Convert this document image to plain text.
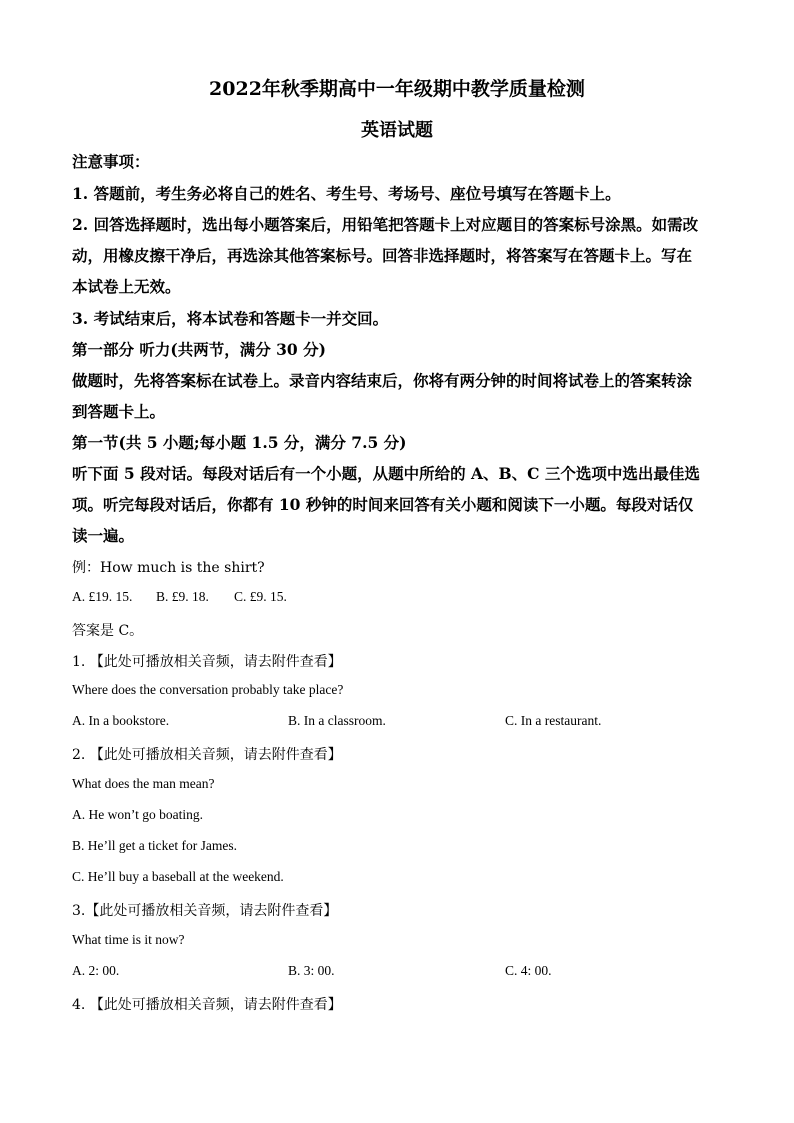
2022年秋季期高中一年级期中教学质量检测
英语试题
注意事项：
1. 答题前，考生务必将自己的姓名、考生号、考场号、座位号填写在答题卡上。
2. 回答选择题时，选出每小题答案后，用铅笔把答题卡上对应题目的答案标号涂黑。如需改
动，用橡皮擦干净后，再选涂其他答案标号。回答非选择题时，将答案写在答题卡上。写在
本试卷上无效。
3. 考试结束后，将本试卷和答题卡一并交回。
第一部分 听力(共两节，满分 30 分)
做题时，先将答案标在试卷上。录音内容结束后，你将有两分钟的时间将试卷上的答案转涂
到答题卡上。
第一节(共 5 小题;每小题 1.5 分，满分 7.5 分)
听下面 5 段对话。每段对话后有一个小题，从题中所给的 A、B、C 三个选项中选出最佳选
项。听完每段对话后，你都有 10 秒钟的时间来回答有关小题和阅读下一小题。每段对话仅
读一遍。
例：How much is the shirt?
A. £19. 15. B. £9. 18. C. £9. 15.
答案是 C。
1. 【此处可播放相关音频，请去附件查看】
Where does the conversation probably take place?
A. In a bookstore.	B. In a classroom.	C. In a restaurant.
2. 【此处可播放相关音频，请去附件查看】
What does the man mean?
A. He won’t go boating.
B. He’ll get a ticket for James.
C. He’ll buy a baseball at the weekend.
3.【此处可播放相关音频，请去附件查看】
What time is it now?
A. 2: 00.	B. 3: 00.	C. 4: 00.
4. 【此处可播放相关音频，请去附件查看】
